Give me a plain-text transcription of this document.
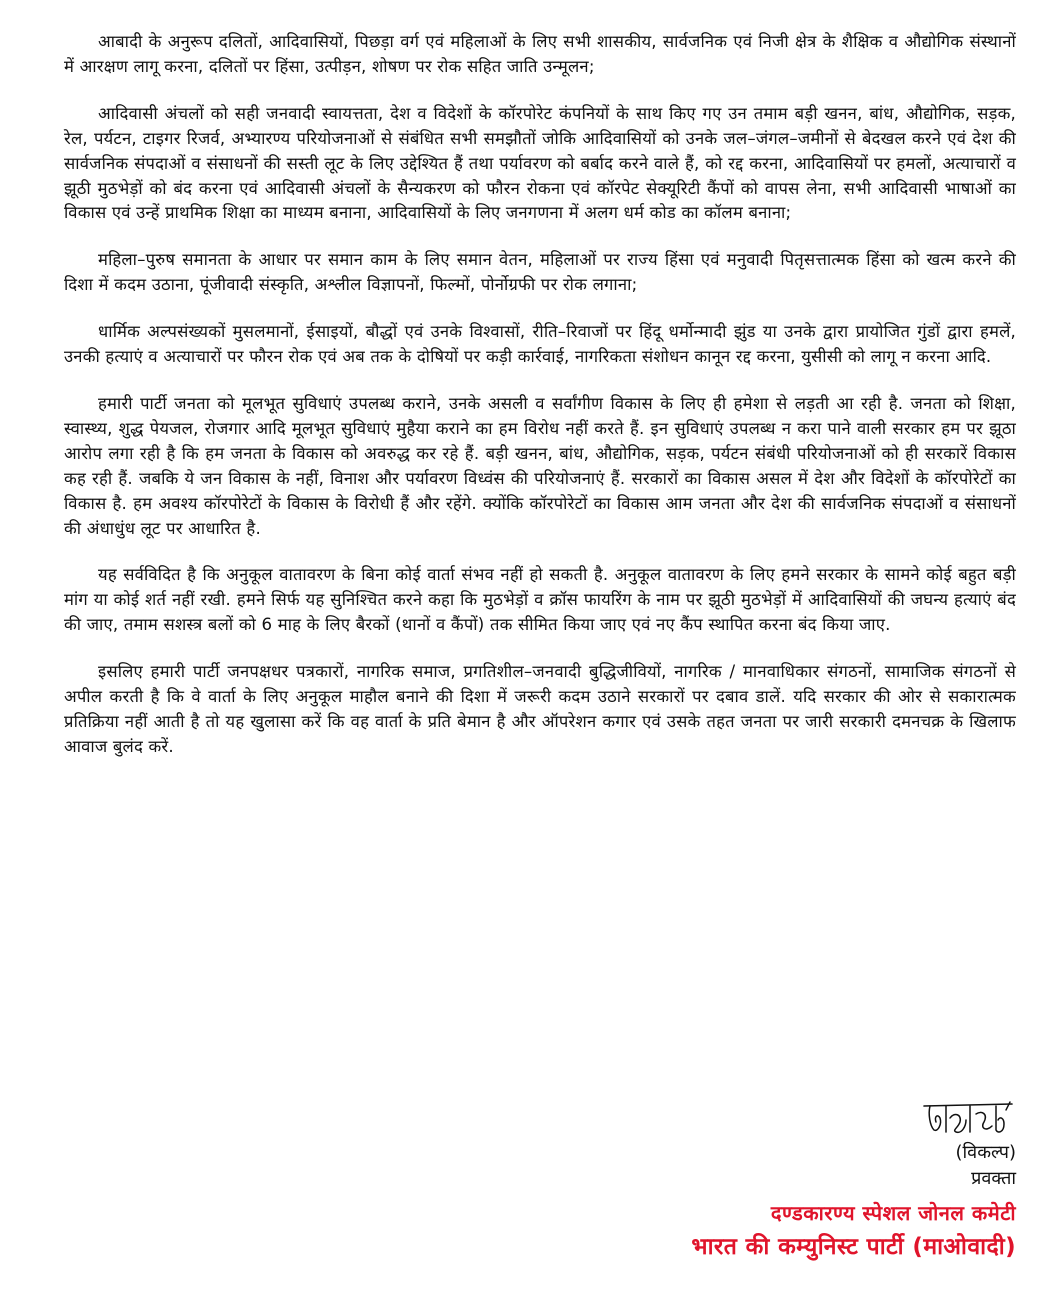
आबादी के अनुरूप दलितों, आदिवासियों, पिछड़ा वर्ग एवं महिलाओं के लिए सभी शासकीय, सार्वजनिक एवं निजी क्षेत्र के शैक्षिक व औद्योगिक संस्थानों में आरक्षण लागू करना, दलितों पर हिंसा, उत्पीड़न, शोषण पर रोक सहित जाति उन्मूलन;

आदिवासी अंचलों को सही जनवादी स्वायत्तता, देश व विदेशों के कॉरपोरेट कंपनियों के साथ किए गए उन तमाम बड़ी खनन, बांध, औद्योगिक, सड़क, रेल, पर्यटन, टाइगर रिजर्व, अभ्यारण्य परियोजनाओं से संबंधित सभी समझौतों जोकि आदिवासियों को उनके जल–जंगल–जमीनों से बेदखल करने एवं देश की सार्वजनिक संपदाओं व संसाधनों की सस्ती लूट के लिए उद्देश्यित हैं तथा पर्यावरण को बर्बाद करने वाले हैं, को रद्द करना, आदिवासियों पर हमलों, अत्याचारों व झूठी मुठभेड़ों को बंद करना एवं आदिवासी अंचलों के सैन्यकरण को फौरन रोकना एवं कॉरपेट सेक्यूरिटी कैंपों को वापस लेना, सभी आदिवासी भाषाओं का विकास एवं उन्हें प्राथमिक शिक्षा का माध्यम बनाना, आदिवासियों के लिए जनगणना में अलग धर्म कोड का कॉलम बनाना;

महिला–पुरुष समानता के आधार पर समान काम के लिए समान वेतन, महिलाओं पर राज्य हिंसा एवं मनुवादी पितृसत्तात्मक हिंसा को खत्म करने की दिशा में कदम उठाना, पूंजीवादी संस्कृति, अश्लील विज्ञापनों, फिल्मों, पोर्नोग्रफी पर रोक लगाना;

धार्मिक अल्पसंख्यकों मुसलमानों, ईसाइयों, बौद्धों एवं उनके विश्वासों, रीति–रिवाजों पर हिंदू धर्मोन्मादी झुंड या उनके द्वारा प्रायोजित गुंडों द्वारा हमलें, उनकी हत्याएं व अत्याचारों पर फौरन रोक एवं अब तक के दोषियों पर कड़ी कार्रवाई, नागरिकता संशोधन कानून रद्द करना, युसीसी को लागू न करना आदि.

हमारी पार्टी जनता को मूलभूत सुविधाएं उपलब्ध कराने, उनके असली व सर्वांगीण विकास के लिए ही हमेशा से लड़ती आ रही है. जनता को शिक्षा, स्वास्थ्य, शुद्ध पेयजल, रोजगार आदि मूलभूत सुविधाएं मुहैया कराने का हम विरोध नहीं करते हैं. इन सुविधाएं उपलब्ध न करा पाने वाली सरकार हम पर झूठा आरोप लगा रही है कि हम जनता के विकास को अवरुद्ध कर रहे हैं. बड़ी खनन, बांध, औद्योगिक, सड़क, पर्यटन संबंधी परियोजनाओं को ही सरकारें विकास कह रही हैं. जबकि ये जन विकास के नहीं, विनाश और पर्यावरण विध्वंस की परियोजनाएं हैं. सरकारों का विकास असल में देश और विदेशों के कॉरपोरेटों का विकास है. हम अवश्य कॉरपोरेटों के विकास के विरोधी हैं और रहेंगे. क्योंकि कॉरपोरेटों का विकास आम जनता और देश की सार्वजनिक संपदाओं व संसाधनों की अंधाधुंध लूट पर आधारित है.

यह सर्वविदित है कि अनुकूल वातावरण के बिना कोई वार्ता संभव नहीं हो सकती है. अनुकूल वातावरण के लिए हमने सरकार के सामने कोई बहुत बड़ी मांग या कोई शर्त नहीं रखी. हमने सिर्फ यह सुनिश्चित करने कहा कि मुठभेड़ों व क्रॉस फायरिंग के नाम पर झूठी मुठभेड़ों में आदिवासियों की जघन्य हत्याएं बंद की जाए, तमाम सशस्त्र बलों को 6 माह के लिए बैरकों (थानों व कैंपों) तक सीमित किया जाए एवं नए कैंप स्थापित करना बंद किया जाए.

इसलिए हमारी पार्टी जनपक्षधर पत्रकारों, नागरिक समाज, प्रगतिशील–जनवादी बुद्धिजीवियों, नागरिक / मानवाधिकार संगठनों, सामाजिक संगठनों से अपील करती है कि वे वार्ता के लिए अनुकूल माहौल बनाने की दिशा में जरूरी कदम उठाने सरकारों पर दबाव डालें. यदि सरकार की ओर से सकारात्मक प्रतिक्रिया नहीं आती है तो यह खुलासा करें कि वह वार्ता के प्रति बेमान है और ऑपरेशन कगार एवं उसके तहत जनता पर जारी सरकारी दमनचक्र के खिलाफ आवाज बुलंद करें.

(विकल्प)
प्रवक्ता
दण्डकारण्य स्पेशल जोनल कमेटी
भारत की कम्युनिस्ट पार्टी (माओवादी)
